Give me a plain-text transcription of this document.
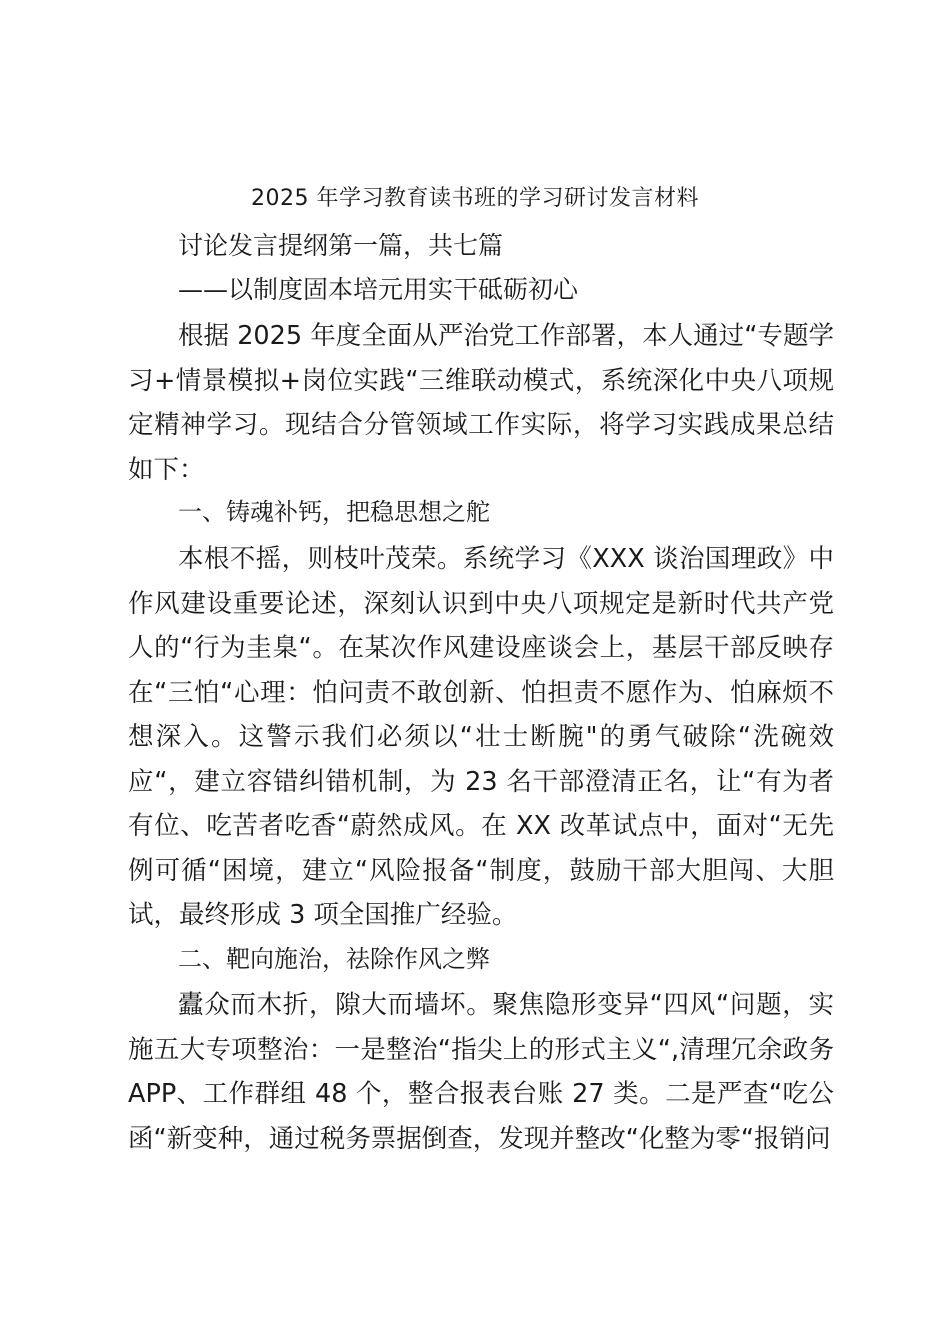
2025 年学习教育读书班的学习研讨发言材料
讨论发言提纲第一篇，共七篇
——以制度固本培元用实干砥砺初心

根据 2025 年度全面从严治党工作部署，本人通过“专题学习+情景模拟+岗位实践“三维联动模式，系统深化中央八项规定精神学习。现结合分管领域工作实际，将学习实践成果总结如下：

一、铸魂补钙，把稳思想之舵

本根不摇，则枝叶茂荣。系统学习《XXX 谈治国理政》中作风建设重要论述，深刻认识到中央八项规定是新时代共产党人的“行为圭臬“。在某次作风建设座谈会上，基层干部反映存在“三怕“心理：怕问责不敢创新、怕担责不愿作为、怕麻烦不想深入。这警示我们必须以“壮士断腕"的勇气破除“洗碗效应“，建立容错纠错机制，为 23 名干部澄清正名，让“有为者有位、吃苦者吃香“蔚然成风。在 XX 改革试点中，面对“无先例可循“困境，建立“风险报备“制度，鼓励干部大胆闯、大胆试，最终形成 3 项全国推广经验。

二、靶向施治，祛除作风之弊

蠹众而木折，隙大而墙坏。聚焦隐形变异“四风“问题，实施五大专项整治：一是整治“指尖上的形式主义“,清理冗余政务 APP、工作群组 48 个，整合报表台账 27 类。二是严查“吃公函“新变种，通过税务票据倒查，发现并整改“化整为零“报销问
